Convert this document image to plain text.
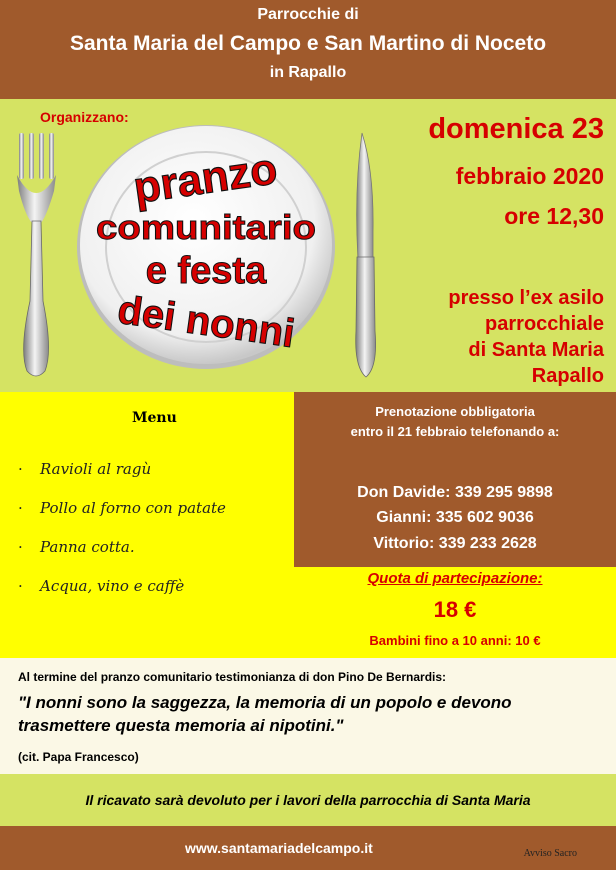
Parrocchie di
Santa Maria del Campo e San Martino di Noceto
in Rapallo
Organizzano:
pranzo
comunitario
e festa
dei nonni
domenica 23
febbraio 2020
ore 12,30
presso l’ex asilo
parrocchiale
di Santa Maria
Rapallo
Menu
· Ravioli al ragù
· Pollo al forno con patate
· Panna cotta.
· Acqua, vino e caffè
Prenotazione obbligatoria
entro il 21 febbraio telefonando a:
Don Davide: 339 295 9898
Gianni: 335 602 9036
Vittorio: 339 233 2628
Quota di partecipazione:
18 €
Bambini fino a 10 anni: 10 €
Al termine del pranzo comunitario testimonianza di don Pino De Bernardis:
"I nonni sono la saggezza, la memoria di un popolo e devono trasmettere questa memoria ai nipotini."
(cit. Papa Francesco)
Il ricavato sarà devoluto per i lavori della parrocchia di Santa Maria
www.santamariadelcampo.it	Avviso Sacro
